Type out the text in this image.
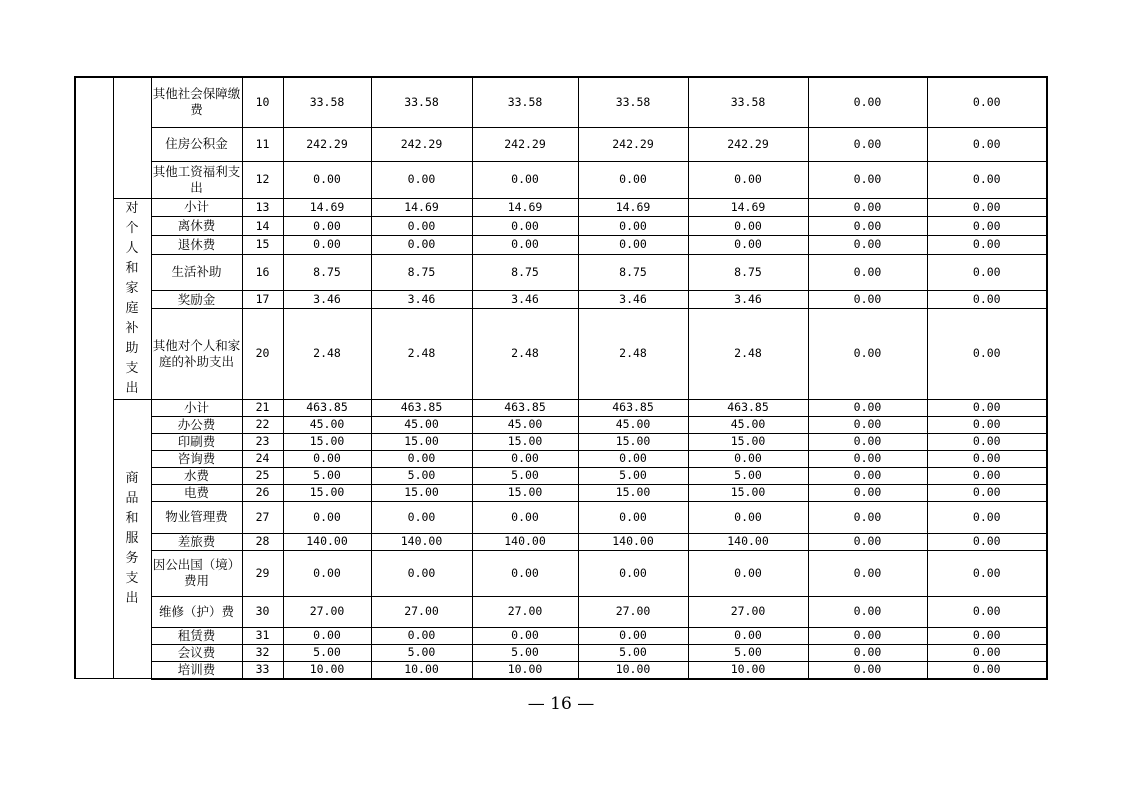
		其他社会保障缴费	10	33.58	33.58	33.58	33.58	33.58	0.00	0.00
		住房公积金	11	242.29	242.29	242.29	242.29	242.29	0.00	0.00
		其他工资福利支出	12	0.00	0.00	0.00	0.00	0.00	0.00	0.00
	对个人和家庭补助支出	小计	13	14.69	14.69	14.69	14.69	14.69	0.00	0.00
		离休费	14	0.00	0.00	0.00	0.00	0.00	0.00	0.00
		退休费	15	0.00	0.00	0.00	0.00	0.00	0.00	0.00
		生活补助	16	8.75	8.75	8.75	8.75	8.75	0.00	0.00
		奖励金	17	3.46	3.46	3.46	3.46	3.46	0.00	0.00
		其他对个人和家庭的补助支出	20	2.48	2.48	2.48	2.48	2.48	0.00	0.00
	商品和服务支出	小计	21	463.85	463.85	463.85	463.85	463.85	0.00	0.00
		办公费	22	45.00	45.00	45.00	45.00	45.00	0.00	0.00
		印刷费	23	15.00	15.00	15.00	15.00	15.00	0.00	0.00
		咨询费	24	0.00	0.00	0.00	0.00	0.00	0.00	0.00
		水费	25	5.00	5.00	5.00	5.00	5.00	0.00	0.00
		电费	26	15.00	15.00	15.00	15.00	15.00	0.00	0.00
		物业管理费	27	0.00	0.00	0.00	0.00	0.00	0.00	0.00
		差旅费	28	140.00	140.00	140.00	140.00	140.00	0.00	0.00
		因公出国（境）费用	29	0.00	0.00	0.00	0.00	0.00	0.00	0.00
		维修（护）费	30	27.00	27.00	27.00	27.00	27.00	0.00	0.00
		租赁费	31	0.00	0.00	0.00	0.00	0.00	0.00	0.00
		会议费	32	5.00	5.00	5.00	5.00	5.00	0.00	0.00
		培训费	33	10.00	10.00	10.00	10.00	10.00	0.00	0.00
— 16 —
